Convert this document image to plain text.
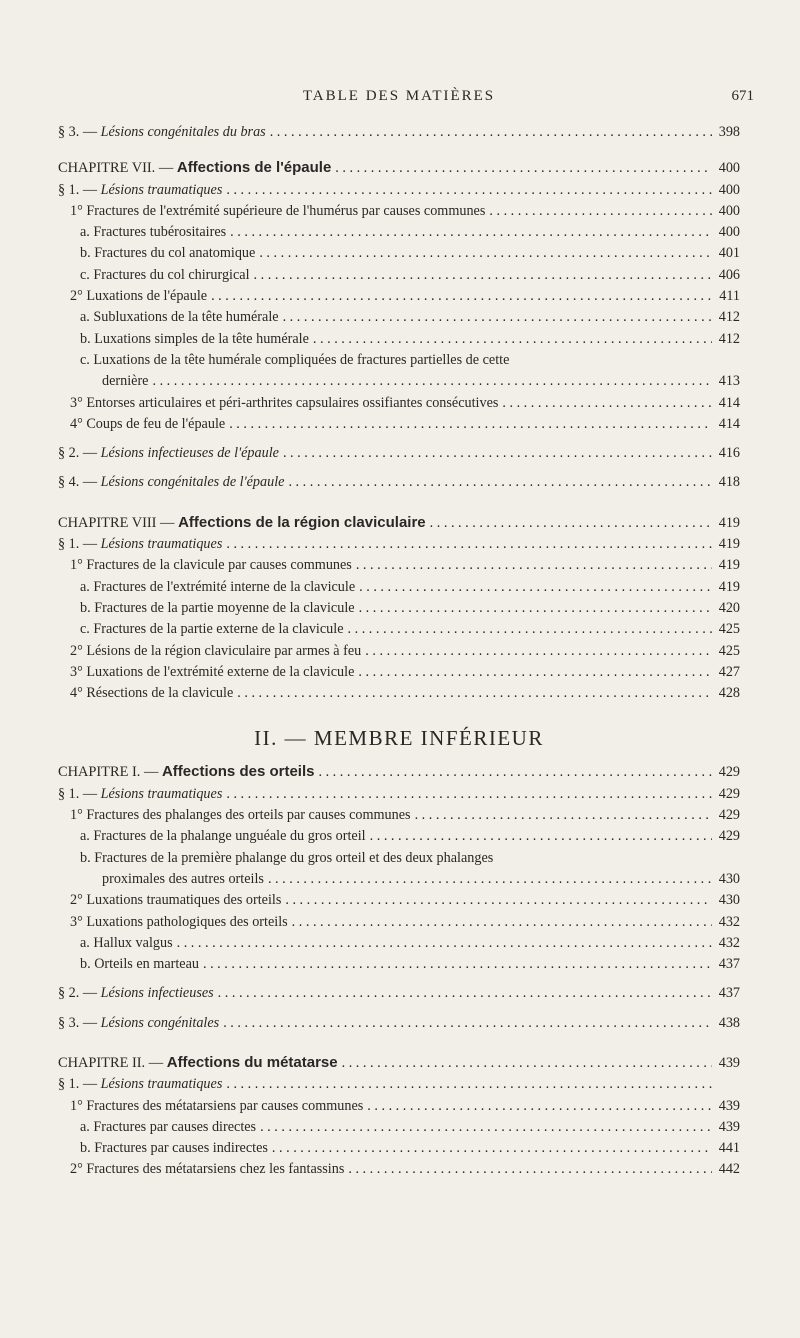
TABLE DES MATIÈRES	671
§ 3. — Lésions congénitales du bras . . .	398
CHAPITRE VII. — Affections de l'épaule . . .	400
§ 1. — Lésions traumatiques . . .	400
1° Fractures de l'extrémité supérieure de l'humérus par causes communes . . .	400
a. Fractures tubérositaires . . .	400
b. Fractures du col anatomique . . .	401
c. Fractures du col chirurgical . . .	406
2° Luxations de l'épaule . . .	411
a. Subluxations de la tête humérale . . .	412
b. Luxations simples de la tête humérale . . .	412
c. Luxations de la tête humérale compliquées de fractures partielles de cette
dernière . . .	413
3° Entorses articulaires et péri-arthrites capsulaires ossifiantes consécutives . . .	414
4° Coups de feu de l'épaule . . .	414
§ 2. — Lésions infectieuses de l'épaule . . .	416
§ 4. — Lésions congénitales de l'épaule . . .	418
CHAPITRE VIII — Affections de la région claviculaire . . .	419
§ 1. — Lésions traumatiques . . .	419
1° Fractures de la clavicule par causes communes . . .	419
a. Fractures de l'extrémité interne de la clavicule . . .	419
b. Fractures de la partie moyenne de la clavicule . . .	420
c. Fractures de la partie externe de la clavicule . . .	425
2° Lésions de la région claviculaire par armes à feu . . .	425
3° Luxations de l'extrémité externe de la clavicule . . .	427
4° Résections de la clavicule . . .	428
II. — MEMBRE INFÉRIEUR
CHAPITRE I. — Affections des orteils . . .	429
§ 1. — Lésions traumatiques . . .	429
1° Fractures des phalanges des orteils par causes communes . . .	429
a. Fractures de la phalange unguéale du gros orteil . . .	429
b. Fractures de la première phalange du gros orteil et des deux phalanges
proximales des autres orteils . . .	430
2° Luxations traumatiques des orteils . . .	430
3° Luxations pathologiques des orteils . . .	432
a. Hallux valgus . . .	432
b. Orteils en marteau . . .	437
§ 2. — Lésions infectieuses . . .	437
§ 3. — Lésions congénitales . . .	438
CHAPITRE II. — Affections du métatarse . . .	439
§ 1. — Lésions traumatiques
. . .
1° Fractures des métatarsiens par causes communes . . .	439
a. Fractures par causes directes . . .	439
b. Fractures par causes indirectes . . .	441
2° Fractures des métatarsiens chez les fantassins . . .	442
